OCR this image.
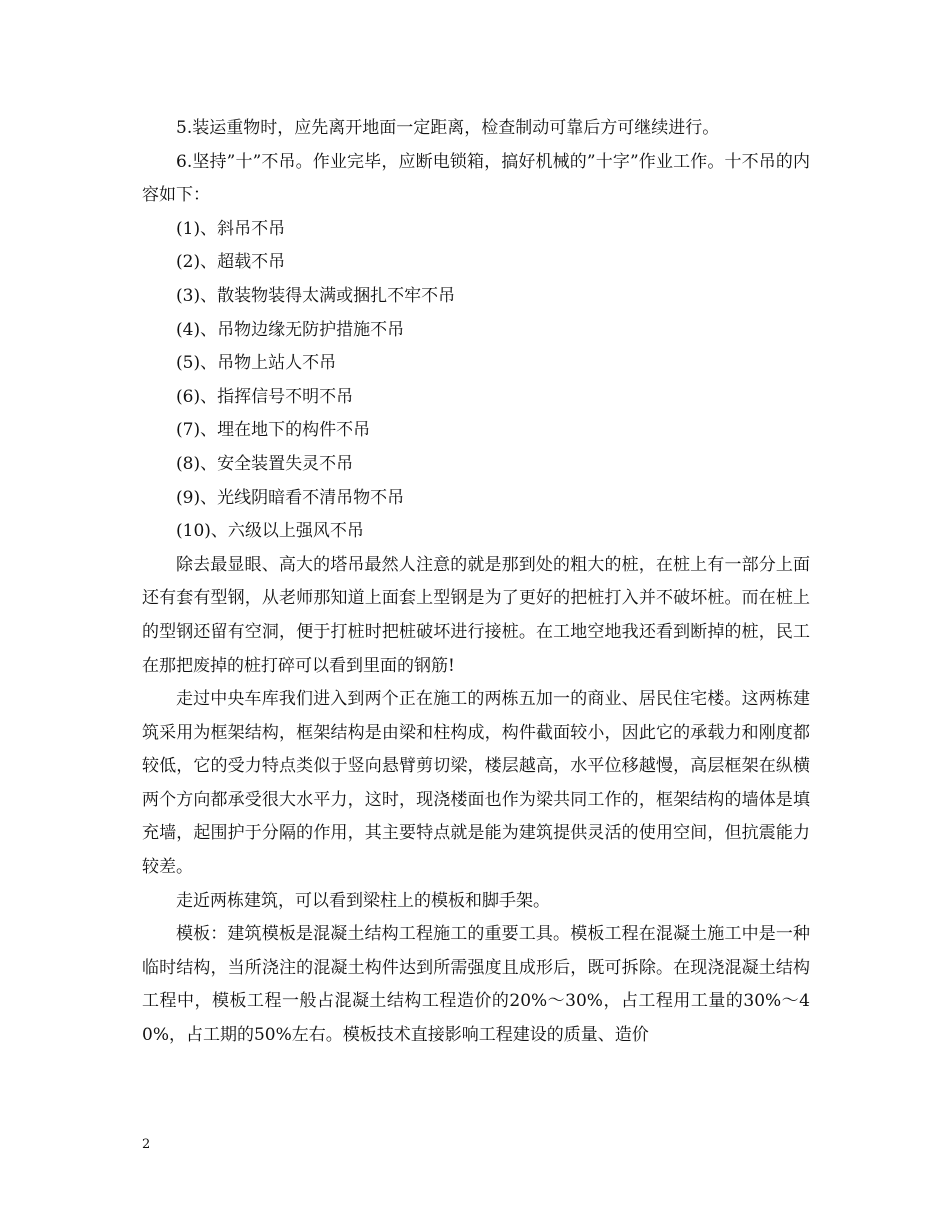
5.装运重物时，应先离开地面一定距离，检查制动可靠后方可继续进行。

6.坚持”十”不吊。作业完毕，应断电锁箱，搞好机械的”十字”作业工作。十不吊的内容如下：

(1)、斜吊不吊

(2)、超载不吊

(3)、散装物装得太满或捆扎不牢不吊

(4)、吊物边缘无防护措施不吊

(5)、吊物上站人不吊

(6)、指挥信号不明不吊

(7)、埋在地下的构件不吊

(8)、安全装置失灵不吊

(9)、光线阴暗看不清吊物不吊

(10)、六级以上强风不吊

除去最显眼、高大的塔吊最然人注意的就是那到处的粗大的桩，在桩上有一部分上面还有套有型钢，从老师那知道上面套上型钢是为了更好的把桩打入并不破坏桩。而在桩上的型钢还留有空洞，便于打桩时把桩破坏进行接桩。在工地空地我还看到断掉的桩，民工在那把废掉的桩打碎可以看到里面的钢筋!

走过中央车库我们进入到两个正在施工的两栋五加一的商业、居民住宅楼。这两栋建筑采用为框架结构，框架结构是由梁和柱构成，构件截面较小，因此它的承载力和刚度都较低，它的受力特点类似于竖向悬臂剪切梁，楼层越高，水平位移越慢，高层框架在纵横两个方向都承受很大水平力，这时，现浇楼面也作为梁共同工作的，框架结构的墙体是填充墙，起围护于分隔的作用，其主要特点就是能为建筑提供灵活的使用空间，但抗震能力较差。

走近两栋建筑，可以看到梁柱上的模板和脚手架。

模板：建筑模板是混凝土结构工程施工的重要工具。模板工程在混凝土施工中是一种临时结构，当所浇注的混凝土构件达到所需强度且成形后，既可拆除。在现浇混凝土结构工程中，模板工程一般占混凝土结构工程造价的20%～30%，占工程用工量的30%～40%，占工期的50%左右。模板技术直接影响工程建设的质量、造价

2
